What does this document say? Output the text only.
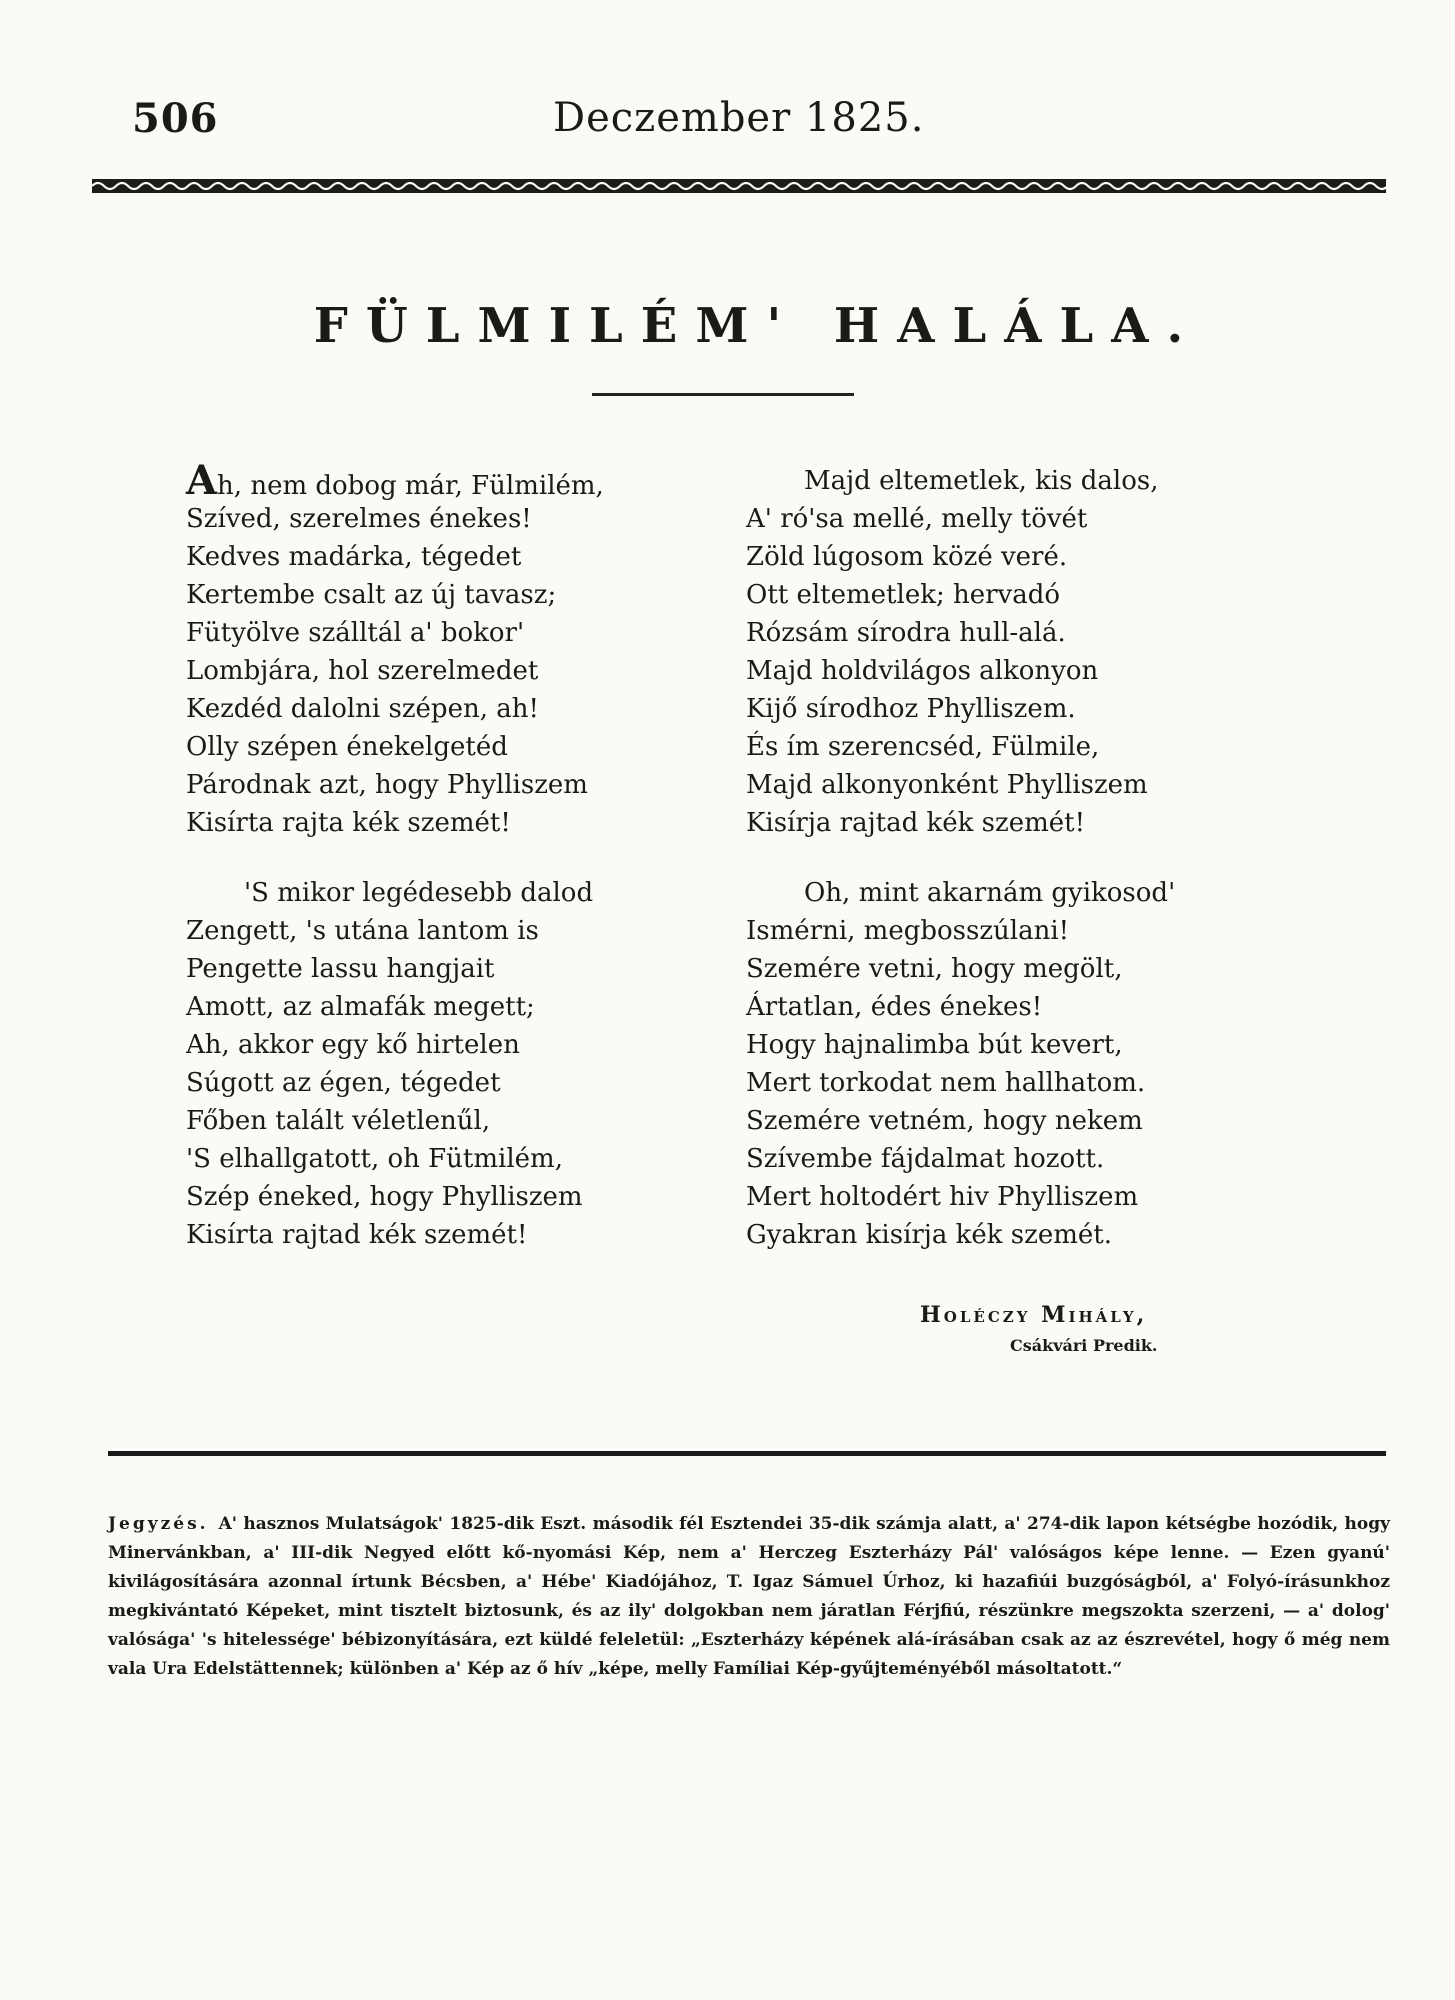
506	Deczember 1825.
FÜLMILÉM' HALÁLA.
Ah, nem dobog már, Fülmilém,
Szíved, szerelmes énekes!
Kedves madárka, tégedet
Kertembe csalt az új tavasz;
Fütyölve szálltál a' bokor'
Lombjára, hol szerelmedet
Kezdéd dalolni szépen, ah!
Olly szépen énekelgetéd
Párodnak azt, hogy Phylliszem
Kisírta rajta kék szemét!
'S mikor legédesebb dalod
Zengett, 's utána lantom is
Pengette lassu hangjait
Amott, az almafák megett;
Ah, akkor egy kő hirtelen
Súgott az égen, tégedet
Főben talált véletlenűl,
'S elhallgatott, oh Fütmilém,
Szép éneked, hogy Phylliszem
Kisírta rajtad kék szemét!
Majd eltemetlek, kis dalos,
A' ró'sa mellé, melly tövét
Zöld lúgosom közé veré.
Ott eltemetlek; hervadó
Rózsám sírodra hull-alá.
Majd holdvilágos alkonyon
Kijő sírodhoz Phylliszem.
És ím szerencséd, Fülmile,
Majd alkonyonként Phylliszem
Kisírja rajtad kék szemét!
Oh, mint akarnám gyikosod'
Ismérni, megbosszúlani!
Szemére vetni, hogy megölt,
Ártatlan, édes énekes!
Hogy hajnalimba bút kevert,
Mert torkodat nem hallhatom.
Szemére vetném, hogy nekem
Szívembe fájdalmat hozott.
Mert holtodért hiv Phylliszem
Gyakran kisírja kék szemét.
Holéczy Mihály,
Csákvári Predik.
Jegyzés. A' hasznos Mulatságok' 1825-dik Eszt. második fél Esztendei 35-dik számja alatt, a' 274-dik lapon kétségbe hozódik, hogy Minervánkban, a' III-dik Negyed előtt kő-nyomási Kép, nem a' Herczeg Eszterházy Pál' valóságos képe lenne. — Ezen gyanú' kivilágosítására azonnal írtunk Bécsben, a' Hébe' Kiadójához, T. Igaz Sámuel Úrhoz, ki hazafiúi buzgóságból, a' Folyó-írásunkhoz megkivántató Képeket, mint tisztelt biztosunk, és az ily' dolgokban nem járatlan Férjfiú, részünkre megszokta szerzeni, — a' dolog' valósága' 's hitelessége' bébizonyítására, ezt küldé feleletül: „Eszterházy képének alá-írásában csak az az észrevétel, hogy ő még nem vala Ura Edelstättennek; különben a' Kép az ő hív „képe, melly Famíliai Kép-gyűjteményéből másoltatott.“
